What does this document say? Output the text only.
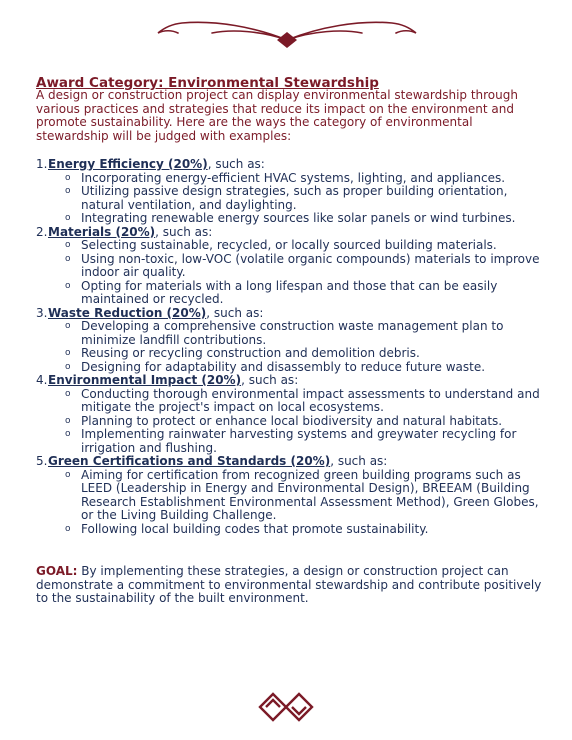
Award Category: Environmental Stewardship

A design or construction project can display environmental stewardship through various practices and strategies that reduce its impact on the environment and promote sustainability. Here are the ways the category of environmental stewardship will be judged with examples:

1. Energy Efficiency (20%), such as:
o Incorporating energy-efficient HVAC systems, lighting, and appliances.
o Utilizing passive design strategies, such as proper building orientation, natural ventilation, and daylighting.
o Integrating renewable energy sources like solar panels or wind turbines.
2. Materials (20%), such as:
o Selecting sustainable, recycled, or locally sourced building materials.
o Using non-toxic, low-VOC (volatile organic compounds) materials to improve indoor air quality.
o Opting for materials with a long lifespan and those that can be easily maintained or recycled.
3. Waste Reduction (20%), such as:
o Developing a comprehensive construction waste management plan to minimize landfill contributions.
o Reusing or recycling construction and demolition debris.
o Designing for adaptability and disassembly to reduce future waste.
4. Environmental Impact (20%), such as:
o Conducting thorough environmental impact assessments to understand and mitigate the project's impact on local ecosystems.
o Planning to protect or enhance local biodiversity and natural habitats.
o Implementing rainwater harvesting systems and greywater recycling for irrigation and flushing.
5. Green Certifications and Standards (20%), such as:
o Aiming for certification from recognized green building programs such as LEED (Leadership in Energy and Environmental Design), BREEAM (Building Research Establishment Environmental Assessment Method), Green Globes, or the Living Building Challenge.
o Following local building codes that promote sustainability.

GOAL: By implementing these strategies, a design or construction project can demonstrate a commitment to environmental stewardship and contribute positively to the sustainability of the built environment.
